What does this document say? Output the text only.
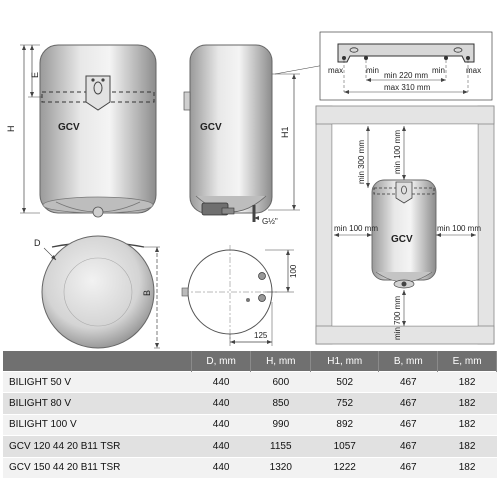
GCV
H
E
GCV
G½"
H1
max	min	min	max
min 220 mm
max 310 mm
D
B
100
125
GCV
min 300 mm	min 100 mm
min 100 mm	min 100 mm
min 700 mm
	D, mm	H, mm	H1, mm	B, mm	E, mm
BILIGHT 50 V	440	600	502	467	182
BILIGHT 80 V	440	850	752	467	182
BILIGHT 100 V	440	990	892	467	182
GCV 120 44 20 B11 TSR	440	1155	1057	467	182
GCV 150 44 20 B11 TSR	440	1320	1222	467	182
